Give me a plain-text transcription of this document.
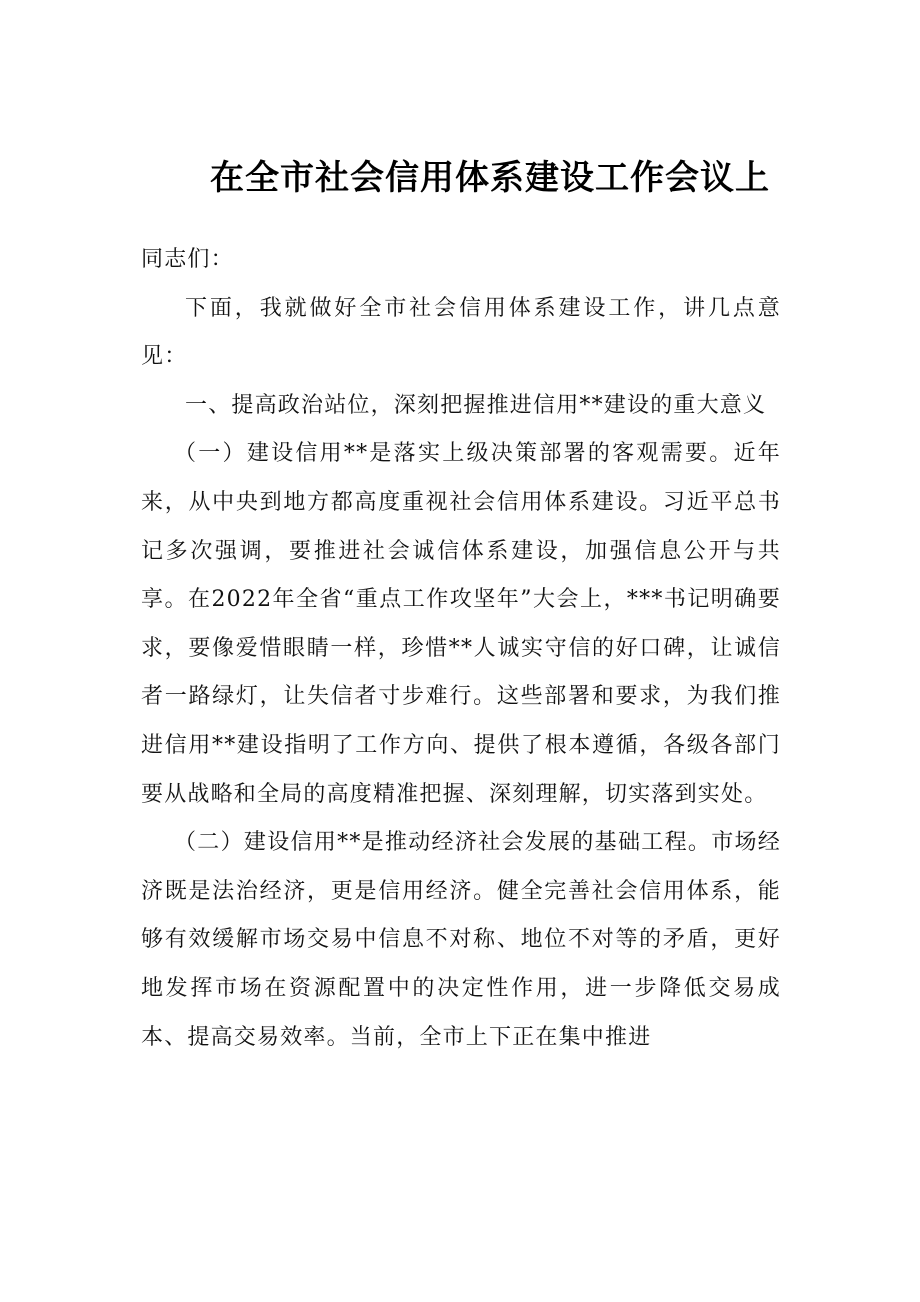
在全市社会信用体系建设工作会议上

同志们：

下面，我就做好全市社会信用体系建设工作，讲几点意见：

一、提高政治站位，深刻把握推进信用**建设的重大意义

（一）建设信用**是落实上级决策部署的客观需要。近年来，从中央到地方都高度重视社会信用体系建设。习近平总书记多次强调，要推进社会诚信体系建设，加强信息公开与共享。在2022年全省“重点工作攻坚年”大会上，***书记明确要求，要像爱惜眼睛一样，珍惜**人诚实守信的好口碑，让诚信者一路绿灯，让失信者寸步难行。这些部署和要求，为我们推进信用**建设指明了工作方向、提供了根本遵循，各级各部门要从战略和全局的高度精准把握、深刻理解，切实落到实处。

（二）建设信用**是推动经济社会发展的基础工程。市场经济既是法治经济，更是信用经济。健全完善社会信用体系，能够有效缓解市场交易中信息不对称、地位不对等的矛盾，更好地发挥市场在资源配置中的决定性作用，进一步降低交易成本、提高交易效率。当前，全市上下正在集中推进
